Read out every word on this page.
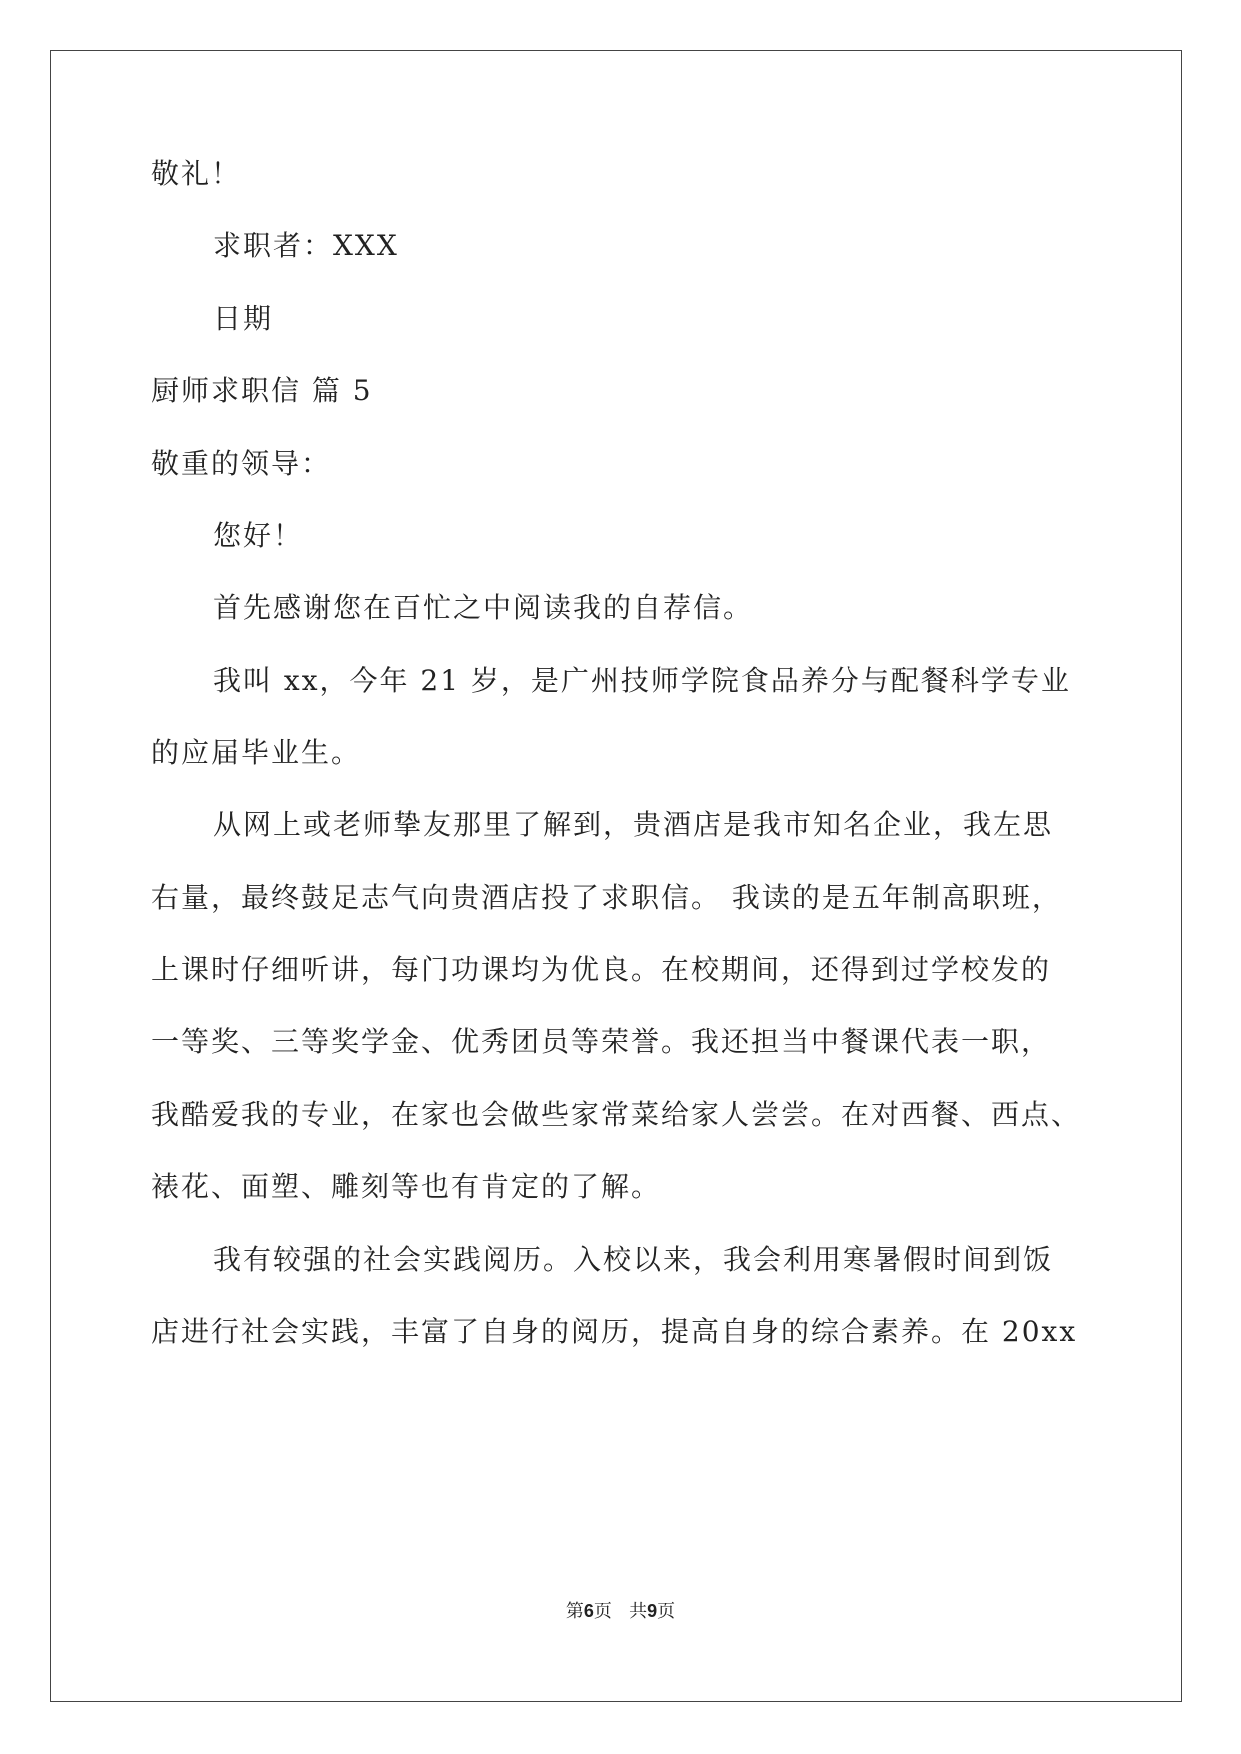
敬礼！
求职者：XXX
日期
厨师求职信 篇 5
敬重的领导：
您好！
首先感谢您在百忙之中阅读我的自荐信。
我叫 xx，今年 21 岁，是广州技师学院食品养分与配餐科学专业
的应届毕业生。
从网上或老师挚友那里了解到，贵酒店是我市知名企业，我左思
右量，最终鼓足志气向贵酒店投了求职信。 我读的是五年制高职班，
上课时仔细听讲，每门功课均为优良。在校期间，还得到过学校发的
一等奖、三等奖学金、优秀团员等荣誉。我还担当中餐课代表一职，
我酷爱我的专业，在家也会做些家常菜给家人尝尝。在对西餐、西点、
裱花、面塑、雕刻等也有肯定的了解。
我有较强的社会实践阅历。入校以来，我会利用寒暑假时间到饭
店进行社会实践，丰富了自身的阅历，提高自身的综合素养。在 20xx
第6页   共9页
